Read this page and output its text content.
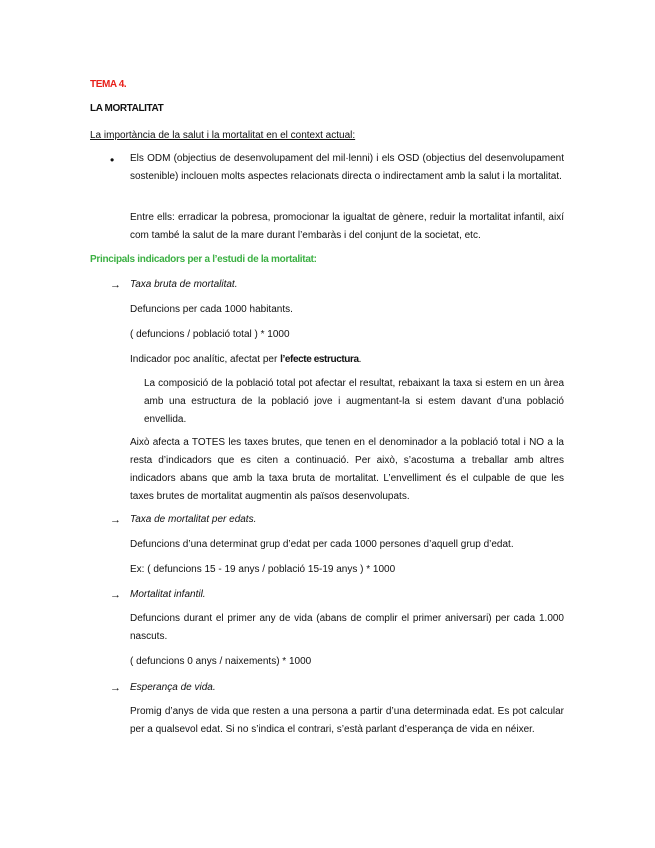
TEMA 4.

LA MORTALITAT

La importància de la salut i la mortalitat en el context actual:

• Els ODM (objectius de desenvolupament del mil·lenni) i els OSD (objectius del desenvolupament sostenible) inclouen molts aspectes relacionats directa o indirectament amb la salut i la mortalitat.

Entre ells: erradicar la pobresa, promocionar la igualtat de gènere, reduir la mortalitat infantil, així com també la salut de la mare durant l’embaràs i del conjunt de la societat, etc.

Principals indicadors per a l’estudi de la mortalitat:

→ Taxa bruta de mortalitat.

Defuncions per cada 1000 habitants.

( defuncions / població total ) * 1000

Indicador poc analític, afectat per l’efecte estructura.

La composició de la població total pot afectar el resultat, rebaixant la taxa si estem en un àrea amb una estructura de la població jove i augmentant-la si estem davant d’una població envellida.

Això afecta a TOTES les taxes brutes, que tenen en el denominador a la població total i NO a la resta d’indicadors que es citen a continuació. Per això, s’acostuma a treballar amb altres indicadors abans que amb la taxa bruta de mortalitat. L’envelliment és el culpable de que les taxes brutes de mortalitat augmentin als països desenvolupats.

→ Taxa de mortalitat per edats.

Defuncions d’una determinat grup d’edat per cada 1000 persones d’aquell grup d’edat.

Ex: ( defuncions 15 - 19 anys / població 15-19 anys ) * 1000

→ Mortalitat infantil.

Defuncions durant el primer any de vida (abans de complir el primer aniversari) per cada 1.000 nascuts.

( defuncions 0 anys / naixements) * 1000

→ Esperança de vida.

Promig d’anys de vida que resten a una persona a partir d’una determinada edat. Es pot calcular per a qualsevol edat. Si no s’indica el contrari, s’està parlant d’esperança de vida en néixer.
